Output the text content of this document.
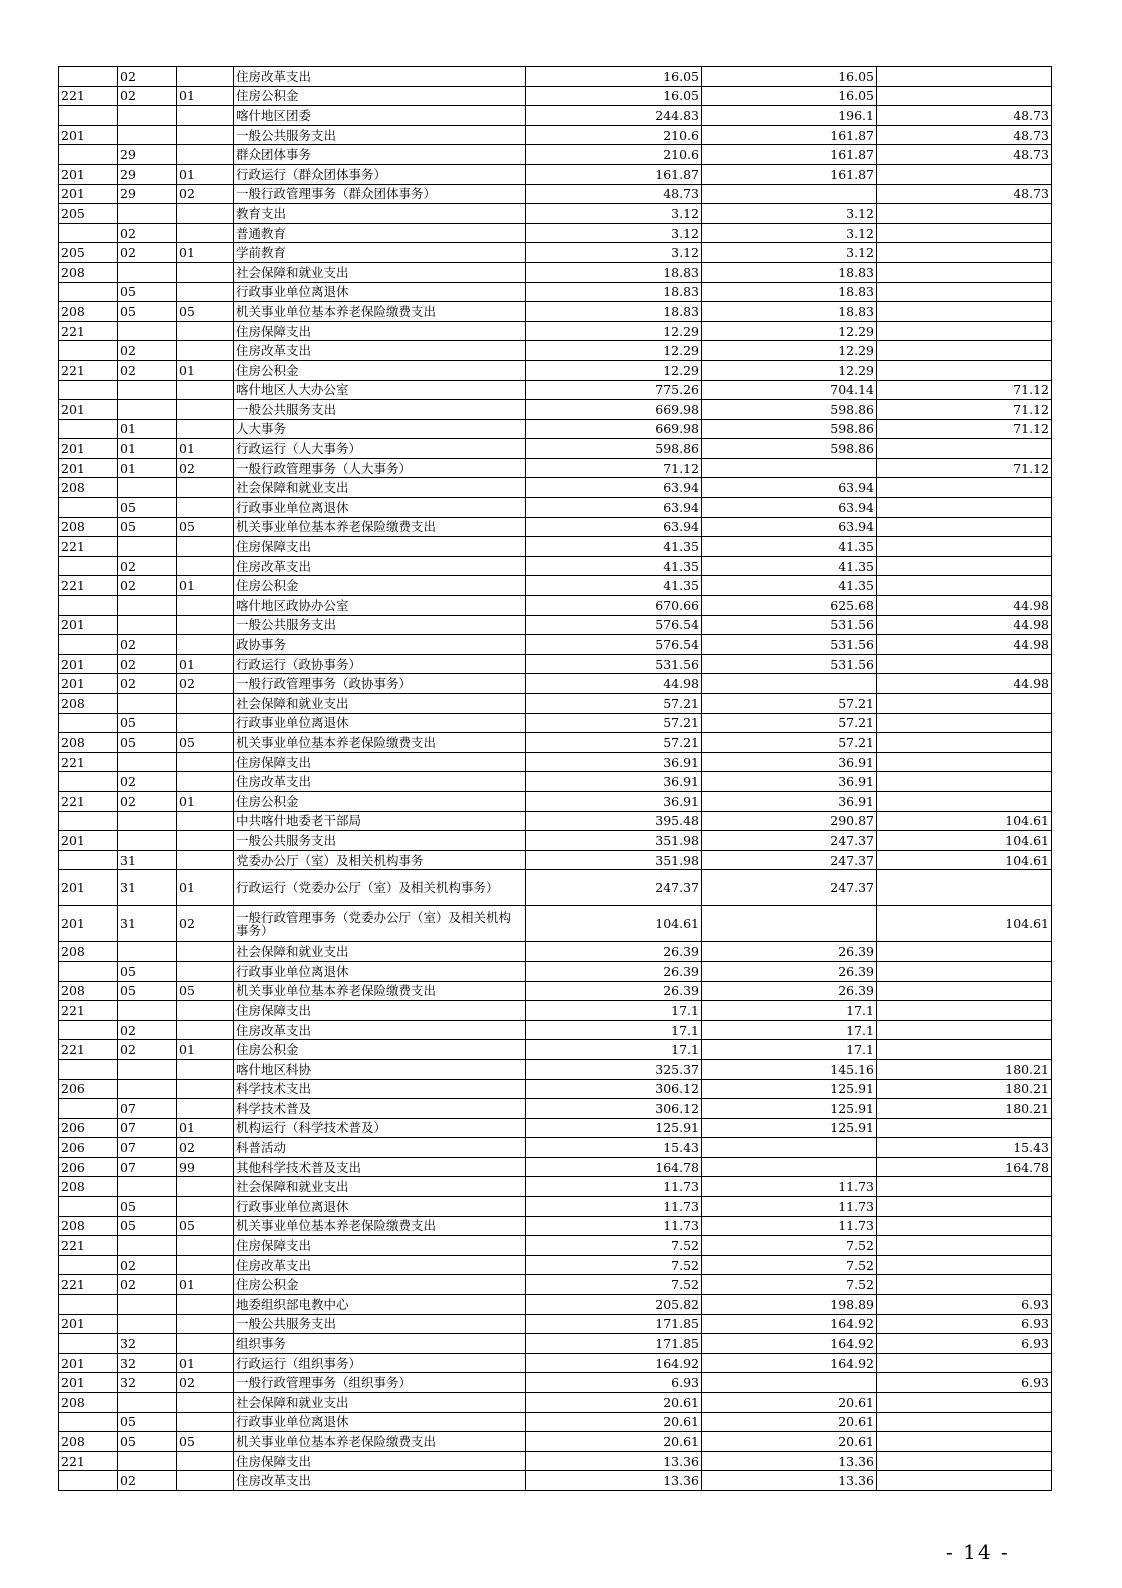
	02		住房改革支出	16.05	16.05	
221	02	01	住房公积金	16.05	16.05	
			喀什地区团委	244.83	196.1	48.73
201			一般公共服务支出	210.6	161.87	48.73
	29		群众团体事务	210.6	161.87	48.73
201	29	01	行政运行（群众团体事务）	161.87	161.87	
201	29	02	一般行政管理事务（群众团体事务）	48.73		48.73
205			教育支出	3.12	3.12	
	02		普通教育	3.12	3.12	
205	02	01	学前教育	3.12	3.12	
208			社会保障和就业支出	18.83	18.83	
	05		行政事业单位离退休	18.83	18.83	
208	05	05	机关事业单位基本养老保险缴费支出	18.83	18.83	
221			住房保障支出	12.29	12.29	
	02		住房改革支出	12.29	12.29	
221	02	01	住房公积金	12.29	12.29	
			喀什地区人大办公室	775.26	704.14	71.12
201			一般公共服务支出	669.98	598.86	71.12
	01		人大事务	669.98	598.86	71.12
201	01	01	行政运行（人大事务）	598.86	598.86	
201	01	02	一般行政管理事务（人大事务）	71.12		71.12
208			社会保障和就业支出	63.94	63.94	
	05		行政事业单位离退休	63.94	63.94	
208	05	05	机关事业单位基本养老保险缴费支出	63.94	63.94	
221			住房保障支出	41.35	41.35	
	02		住房改革支出	41.35	41.35	
221	02	01	住房公积金	41.35	41.35	
			喀什地区政协办公室	670.66	625.68	44.98
201			一般公共服务支出	576.54	531.56	44.98
	02		政协事务	576.54	531.56	44.98
201	02	01	行政运行（政协事务）	531.56	531.56	
201	02	02	一般行政管理事务（政协事务）	44.98		44.98
208			社会保障和就业支出	57.21	57.21	
	05		行政事业单位离退休	57.21	57.21	
208	05	05	机关事业单位基本养老保险缴费支出	57.21	57.21	
221			住房保障支出	36.91	36.91	
	02		住房改革支出	36.91	36.91	
221	02	01	住房公积金	36.91	36.91	
			中共喀什地委老干部局	395.48	290.87	104.61
201			一般公共服务支出	351.98	247.37	104.61
	31		党委办公厅（室）及相关机构事务	351.98	247.37	104.61
201	31	01	行政运行（党委办公厅（室）及相关机构事务）	247.37	247.37	
201	31	02	一般行政管理事务（党委办公厅（室）及相关机构事务）	104.61		104.61
208			社会保障和就业支出	26.39	26.39	
	05		行政事业单位离退休	26.39	26.39	
208	05	05	机关事业单位基本养老保险缴费支出	26.39	26.39	
221			住房保障支出	17.1	17.1	
	02		住房改革支出	17.1	17.1	
221	02	01	住房公积金	17.1	17.1	
			喀什地区科协	325.37	145.16	180.21
206			科学技术支出	306.12	125.91	180.21
	07		科学技术普及	306.12	125.91	180.21
206	07	01	机构运行（科学技术普及）	125.91	125.91	
206	07	02	科普活动	15.43		15.43
206	07	99	其他科学技术普及支出	164.78		164.78
208			社会保障和就业支出	11.73	11.73	
	05		行政事业单位离退休	11.73	11.73	
208	05	05	机关事业单位基本养老保险缴费支出	11.73	11.73	
221			住房保障支出	7.52	7.52	
	02		住房改革支出	7.52	7.52	
221	02	01	住房公积金	7.52	7.52	
			地委组织部电教中心	205.82	198.89	6.93
201			一般公共服务支出	171.85	164.92	6.93
	32		组织事务	171.85	164.92	6.93
201	32	01	行政运行（组织事务）	164.92	164.92	
201	32	02	一般行政管理事务（组织事务）	6.93		6.93
208			社会保障和就业支出	20.61	20.61	
	05		行政事业单位离退休	20.61	20.61	
208	05	05	机关事业单位基本养老保险缴费支出	20.61	20.61	
221			住房保障支出	13.36	13.36	
	02		住房改革支出	13.36	13.36	
- 14 -
